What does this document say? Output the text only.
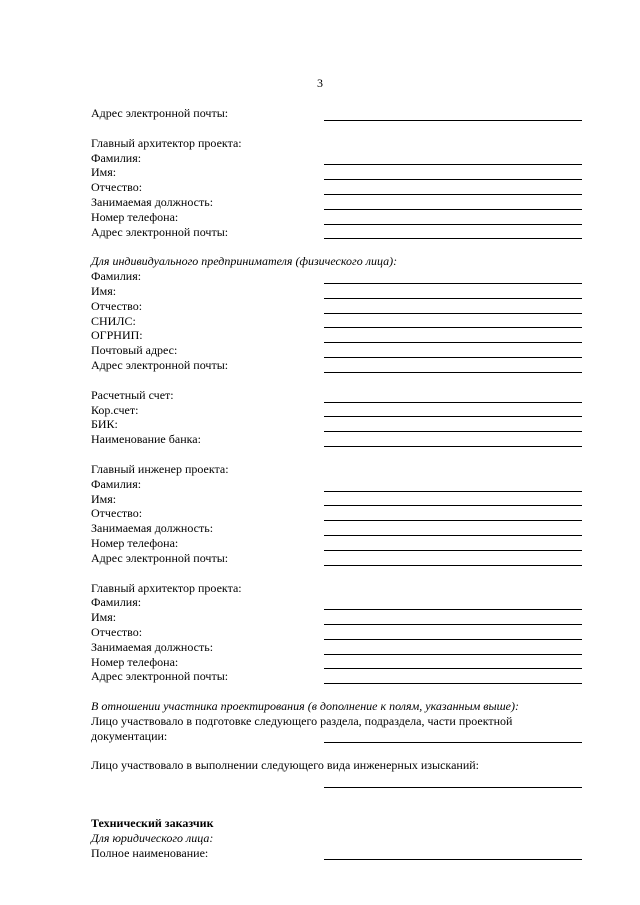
3
Адрес электронной почты:
Главный архитектор проекта:
Фамилия:
Имя:
Отчество:
Занимаемая должность:
Номер телефона:
Адрес электронной почты:
Для индивидуального предпринимателя (физического лица):
Фамилия:
Имя:
Отчество:
СНИЛС:
ОГРНИП:
Почтовый адрес:
Адрес электронной почты:
Расчетный счет:
Кор.счет:
БИК:
Наименование банка:
Главный инженер проекта:
Фамилия:
Имя:
Отчество:
Занимаемая должность:
Номер телефона:
Адрес электронной почты:
Главный архитектор проекта:
Фамилия:
Имя:
Отчество:
Занимаемая должность:
Номер телефона:
Адрес электронной почты:
В отношении участника проектирования (в дополнение к полям, указанным выше):
Лицо участвовало в подготовке следующего раздела, подраздела, части проектной
документации:
Лицо участвовало в выполнении следующего вида инженерных изысканий:
Технический заказчик
Для юридического лица:
Полное наименование:
